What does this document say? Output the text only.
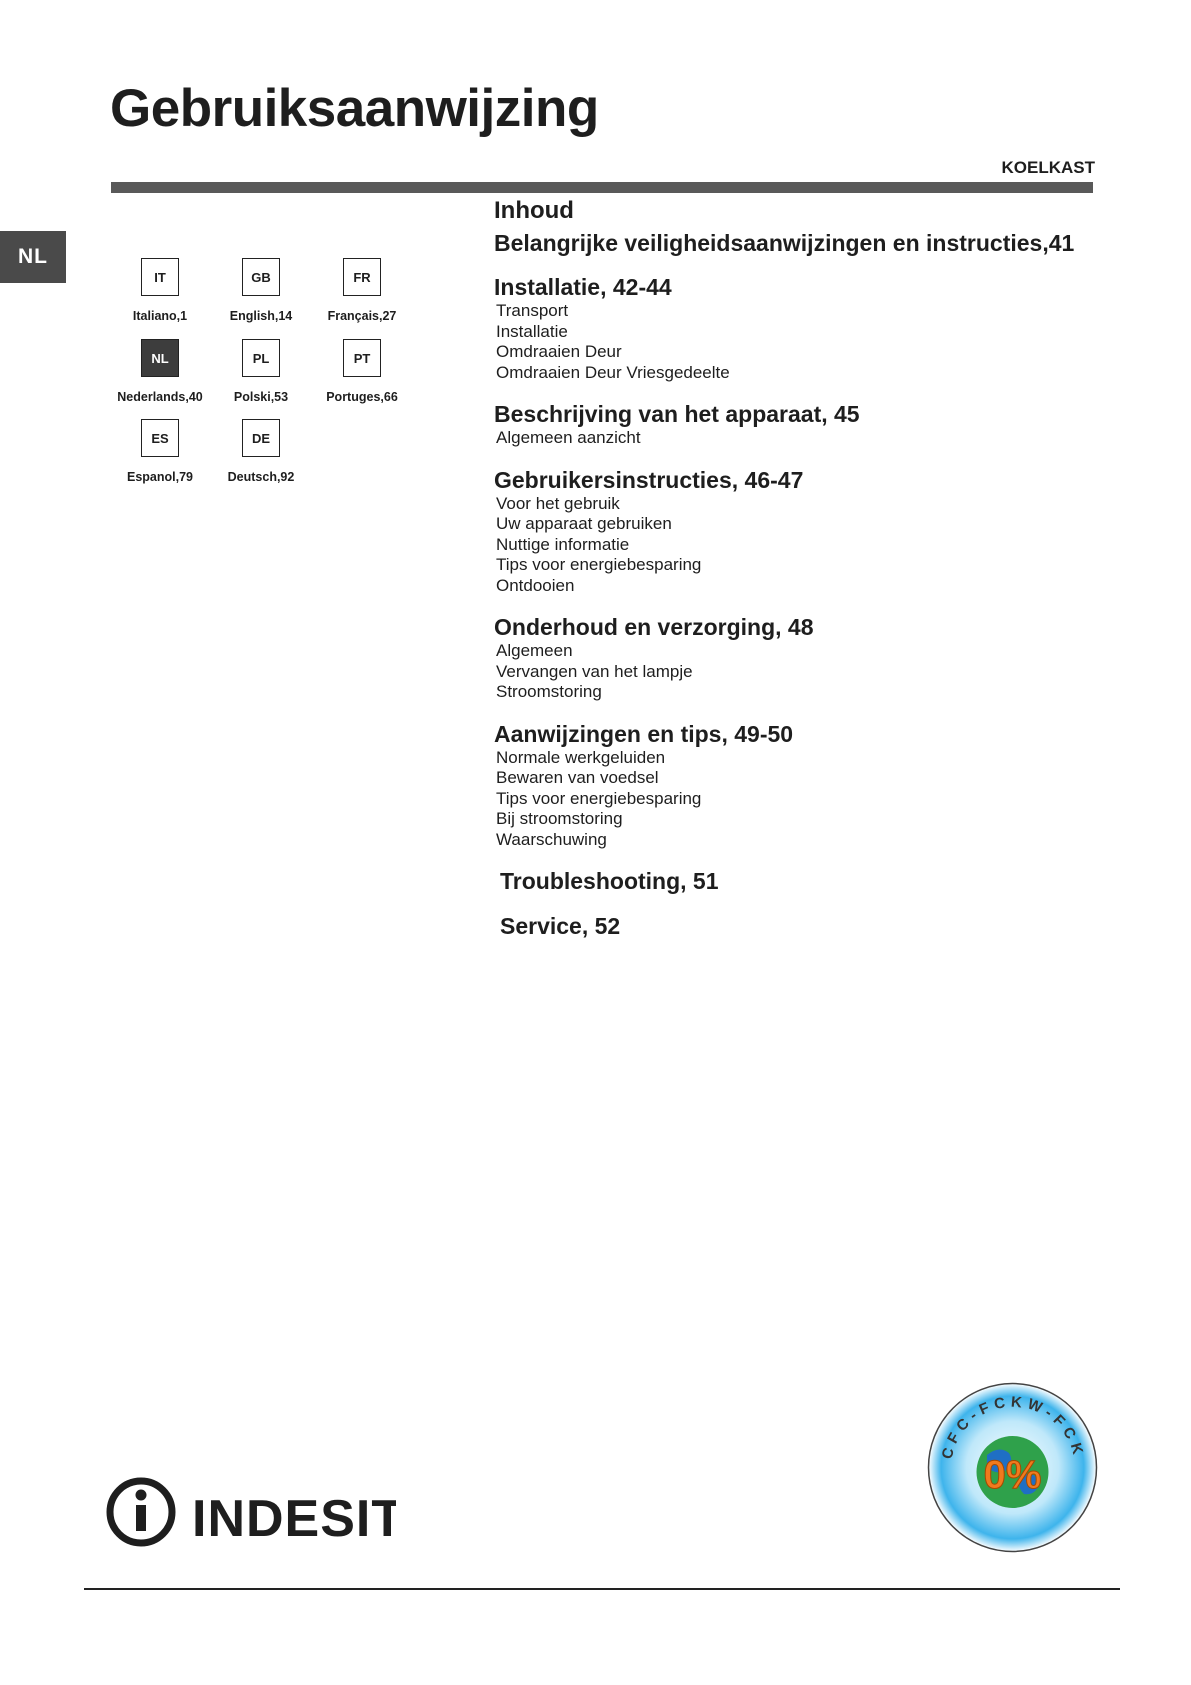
Gebruiksaanwijzing
KOELKAST
NL
IT
Italiano,1
GB
English,14
FR
Français,27
NL
Nederlands,40
PL
Polski,53
PT
Portuges,66
ES
Espanol,79
DE
Deutsch,92
Inhoud
Belangrijke veiligheidsaanwijzingen en instructies,41
Installatie, 42-44
Transport
Installatie
Omdraaien Deur
Omdraaien Deur Vriesgedeelte
Beschrijving van het apparaat, 45
Algemeen aanzicht
Gebruikersinstructies, 46-47
Voor het gebruik
Uw apparaat gebruiken
Nuttige informatie
Tips voor energiebesparing
Ontdooien
Onderhoud en verzorging, 48
Algemeen
Vervangen van het lampje
Stroomstoring
Aanwijzingen en tips, 49-50
Normale werkgeluiden
Bewaren van voedsel
Tips voor energiebesparing
Bij stroomstoring
Waarschuwing
Troubleshooting, 51
Service, 52
INDESIT
CFC-FCKW-FCK
0%
